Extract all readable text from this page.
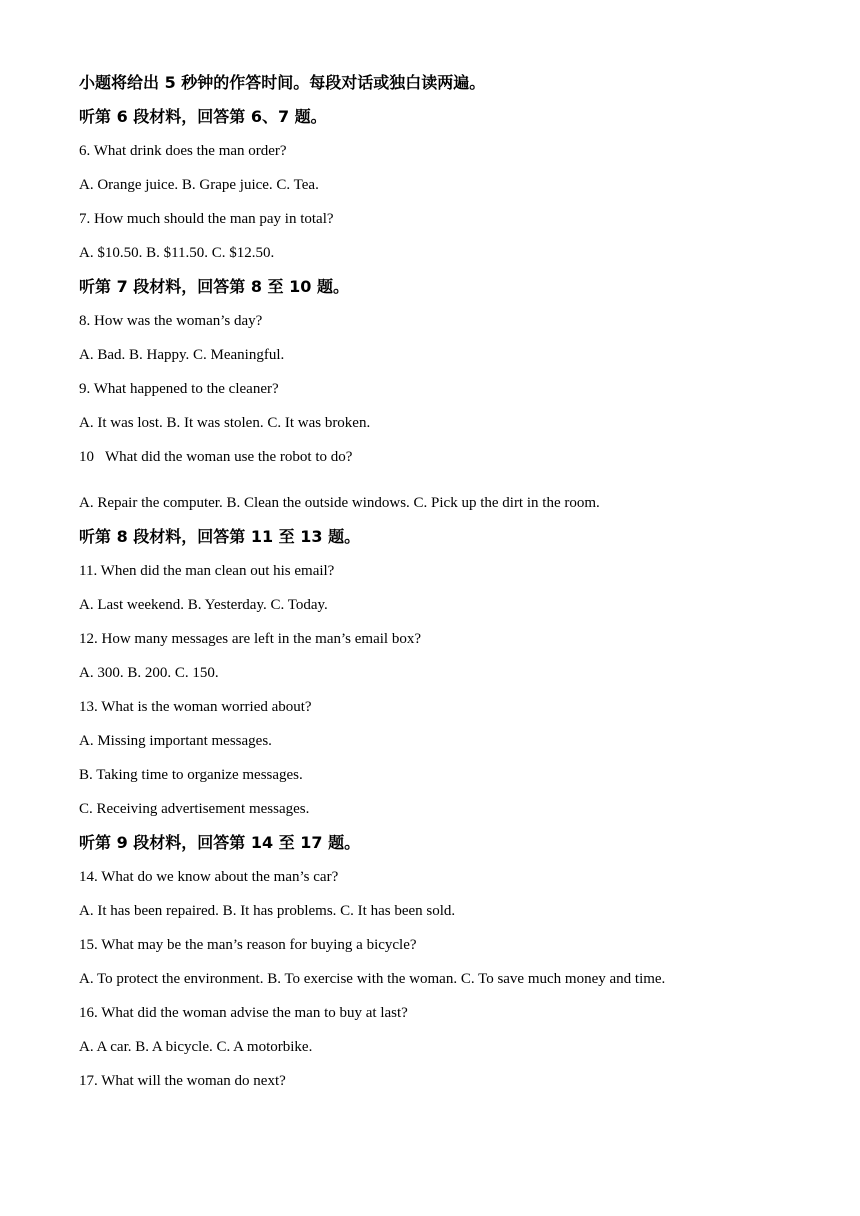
小题将给出 5 秒钟的作答时间。每段对话或独白读两遍。
听第 6 段材料，回答第 6、7 题。
6. What drink does the man order?
A. Orange juice. B. Grape juice. C. Tea.
7. How much should the man pay in total?
A. $10.50. B. $11.50. C. $12.50.
听第 7 段材料，回答第 8 至 10 题。
8. How was the woman’s day?
A. Bad. B. Happy. C. Meaningful.
9. What happened to the cleaner?
A. It was lost. B. It was stolen. C. It was broken.
10   What did the woman use the robot to do?
A. Repair the computer. B. Clean the outside windows. C. Pick up the dirt in the room.
听第 8 段材料，回答第 11 至 13 题。
11. When did the man clean out his email?
A. Last weekend. B. Yesterday. C. Today.
12. How many messages are left in the man’s email box?
A. 300. B. 200. C. 150.
13. What is the woman worried about?
A. Missing important messages.
B. Taking time to organize messages.
C. Receiving advertisement messages.
听第 9 段材料，回答第 14 至 17 题。
14. What do we know about the man’s car?
A. It has been repaired. B. It has problems. C. It has been sold.
15. What may be the man’s reason for buying a bicycle?
A. To protect the environment. B. To exercise with the woman. C. To save much money and time.
16. What did the woman advise the man to buy at last?
A. A car. B. A bicycle. C. A motorbike.
17. What will the woman do next?
